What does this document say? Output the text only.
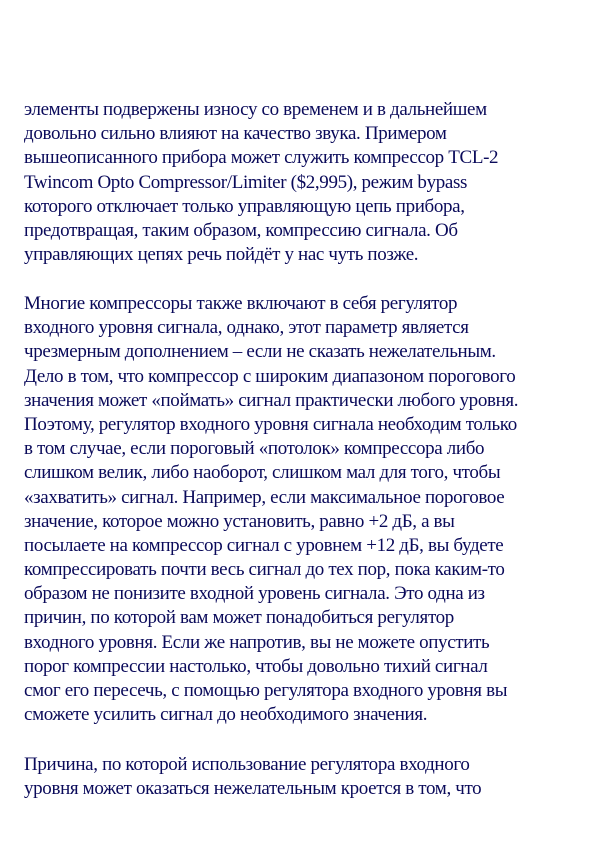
элементы подвержены износу со временем и в дальнейшем
довольно сильно влияют на качество звука. Примером
вышеописанного прибора может служить компрессор TCL-2
Twincom Opto Compressor/Limiter ($2,995), режим bypass
которого отключает только управляющую цепь прибора,
предотвращая, таким образом, компрессию сигнала. Об
управляющих цепях речь пойдёт у нас чуть позже.
Многие компрессоры также включают в себя регулятор
входного уровня сигнала, однако, этот параметр является
чрезмерным дополнением – если не сказать нежелательным.
Дело в том, что компрессор с широким диапазоном порогового
значения может «поймать» сигнал практически любого уровня.
Поэтому, регулятор входного уровня сигнала необходим только
в том случае, если пороговый «потолок» компрессора либо
слишком велик, либо наоборот, слишком мал для того, чтобы
«захватить» сигнал. Например, если максимальное пороговое
значение, которое можно установить, равно +2 дБ, а вы
посылаете на компрессор сигнал с уровнем +12 дБ, вы будете
компрессировать почти весь сигнал до тех пор, пока каким-то
образом не понизите входной уровень сигнала. Это одна из
причин, по которой вам может понадобиться регулятор
входного уровня. Если же напротив, вы не можете опустить
порог компрессии настолько, чтобы довольно тихий сигнал
смог его пересечь, с помощью регулятора входного уровня вы
сможете усилить сигнал до необходимого значения.
Причина, по которой использование регулятора входного
уровня может оказаться нежелательным кроется в том, что
